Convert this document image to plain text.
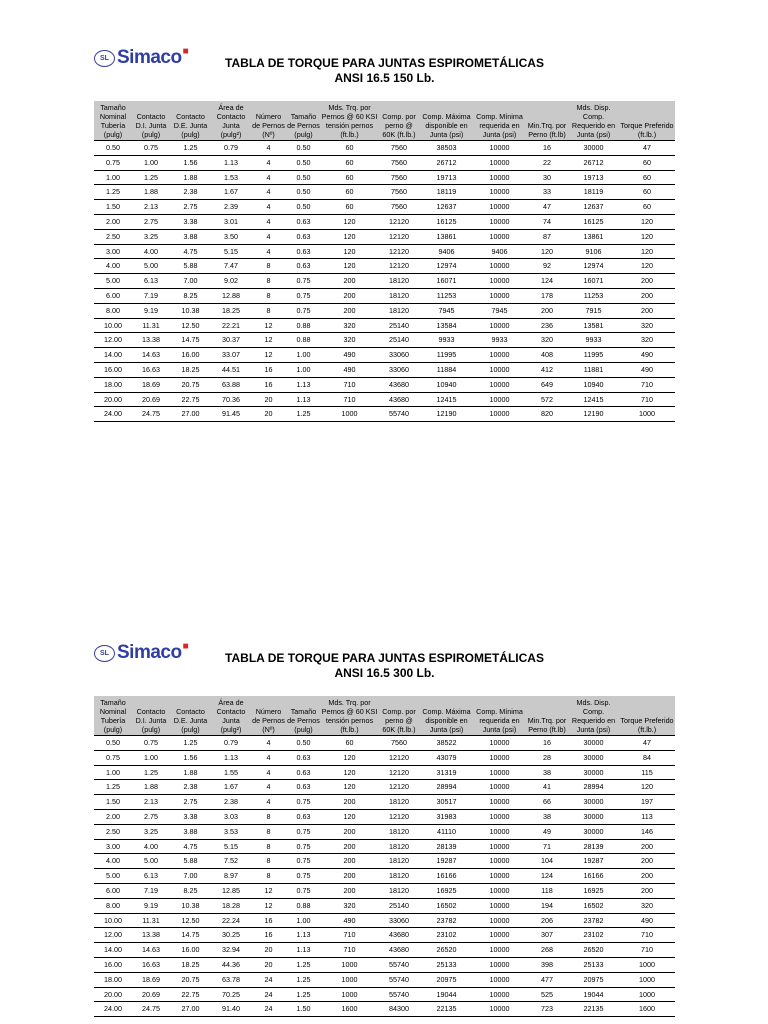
SL Simaco ■
TABLA DE TORQUE PARA JUNTAS ESPIROMETÁLICAS
ANSI 16.5 150 Lb.
Tamaño Nominal Tubería (pulg)	Contacto D.I. Junta (pulg)	Contacto D.E. Junta (pulg)	Área de Contacto Junta (pulg²)	Número de Pernos (Nº)	Tamaño de Pernos (pulg)	Mds. Trq. por Pernos @ 60 KSI tensión pernos (ft.lb.)	Comp. por perno @ 60K (ft.lb.)	Comp. Máxima disponible en Junta (psi)	Comp. Mínima requerida en Junta (psi)	Min.Trq. por Perno (ft.lb)	Mds. Disp. Comp. Requerido en Junta (psi)	Torque Preferido (ft.lb.)
0.50	0.75	1.25	0.79	4	0.50	60	7560	38503	10000	16	30000	47
0.75	1.00	1.56	1.13	4	0.50	60	7560	26712	10000	22	26712	60
1.00	1.25	1.88	1.53	4	0.50	60	7560	19713	10000	30	19713	60
1.25	1.88	2.38	1.67	4	0.50	60	7560	18119	10000	33	18119	60
1.50	2.13	2.75	2.39	4	0.50	60	7560	12637	10000	47	12637	60
2.00	2.75	3.38	3.01	4	0.63	120	12120	16125	10000	74	16125	120
2.50	3.25	3.88	3.50	4	0.63	120	12120	13861	10000	87	13861	120
3.00	4.00	4.75	5.15	4	0.63	120	12120	9406	9406	120	9106	120
4.00	5.00	5.88	7.47	8	0.63	120	12120	12974	10000	92	12974	120
5.00	6.13	7.00	9.02	8	0.75	200	18120	16071	10000	124	16071	200
6.00	7.19	8.25	12.88	8	0.75	200	18120	11253	10000	178	11253	200
8.00	9.19	10.38	18.25	8	0.75	200	18120	7945	7945	200	7915	200
10.00	11.31	12.50	22.21	12	0.88	320	25140	13584	10000	236	13581	320
12.00	13.38	14.75	30.37	12	0.88	320	25140	9933	9933	320	9933	320
14.00	14.63	16.00	33.07	12	1.00	490	33060	11995	10000	408	11995	490
16.00	16.63	18.25	44.51	16	1.00	490	33060	11884	10000	412	11881	490
18.00	18.69	20.75	63.88	16	1.13	710	43680	10940	10000	649	10940	710
20.00	20.69	22.75	70.36	20	1.13	710	43680	12415	10000	572	12415	710
24.00	24.75	27.00	91.45	20	1.25	1000	55740	12190	10000	820	12190	1000
SL Simaco ■
TABLA DE TORQUE PARA JUNTAS ESPIROMETÁLICAS
ANSI 16.5 300 Lb.
Tamaño Nominal Tubería (pulg)	Contacto D.I. Junta (pulg)	Contacto D.E. Junta (pulg)	Área de Contacto Junta (pulg²)	Número de Pernos (Nº)	Tamaño de Pernos (pulg)	Mds. Trq. por Pernos @ 60 KSI tensión pernos (ft.lb.)	Comp. por perno @ 60K (ft.lb.)	Comp. Máxima disponible en Junta (psi)	Comp. Mínima requerida en Junta (psi)	Min.Trq. por Perno (ft.lb)	Mds. Disp. Comp. Requerido en Junta (psi)	Torque Preferido (ft.lb.)
0.50	0.75	1.25	0.79	4	0.50	60	7560	38522	10000	16	30000	47
0.75	1.00	1.56	1.13	4	0.63	120	12120	43079	10000	28	30000	84
1.00	1.25	1.88	1.55	4	0.63	120	12120	31319	10000	38	30000	115
1.25	1.88	2.38	1.67	4	0.63	120	12120	28994	10000	41	28994	120
1.50	2.13	2.75	2.38	4	0.75	200	18120	30517	10000	66	30000	197
2.00	2.75	3.38	3.03	8	0.63	120	12120	31983	10000	38	30000	113
2.50	3.25	3.88	3.53	8	0.75	200	18120	41110	10000	49	30000	146
3.00	4.00	4.75	5.15	8	0.75	200	18120	28139	10000	71	28139	200
4.00	5.00	5.88	7.52	8	0.75	200	18120	19287	10000	104	19287	200
5.00	6.13	7.00	8.97	8	0.75	200	18120	16166	10000	124	16166	200
6.00	7.19	8.25	12.85	12	0.75	200	18120	16925	10000	118	16925	200
8.00	9.19	10.38	18.28	12	0.88	320	25140	16502	10000	194	16502	320
10.00	11.31	12.50	22.24	16	1.00	490	33060	23782	10000	206	23782	490
12.00	13.38	14.75	30.25	16	1.13	710	43680	23102	10000	307	23102	710
14.00	14.63	16.00	32.94	20	1.13	710	43680	26520	10000	268	26520	710
16.00	16.63	18.25	44.36	20	1.25	1000	55740	25133	10000	398	25133	1000
18.00	18.69	20.75	63.78	24	1.25	1000	55740	20975	10000	477	20975	1000
20.00	20.69	22.75	70.25	24	1.25	1000	55740	19044	10000	525	19044	1000
24.00	24.75	27.00	91.40	24	1.50	1600	84300	22135	10000	723	22135	1600
